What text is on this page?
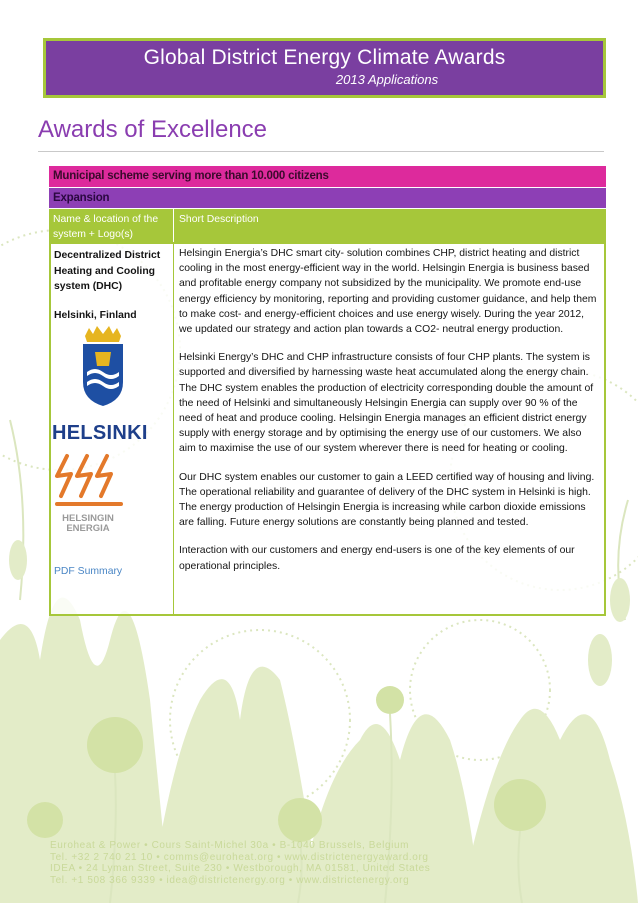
Global District Energy Climate Awards
2013 Applications
Awards of Excellence
Municipal scheme serving more than 10.000 citizens
Expansion
Name & location of the system + Logo(s)
Short Description
Decentralized District Heating and Cooling system (DHC)
Helsinki, Finland
HELSINKI
HELSINGIN
ENERGIA
PDF Summary

Helsingin Energia’s DHC smart city- solution combines CHP, district heating and district cooling in the most energy-efficient way in the world. Helsingin Energia is business based and profitable energy company not subsidized by the municipality. We promote end-use energy efficiency by monitoring, reporting and providing customer guidance, and help them to make cost- and energy-efficient choices and use energy wisely. During the year 2012, we updated our strategy and action plan towards a CO2- neutral energy production.

Helsinki Energy’s DHC and CHP infrastructure consists of four CHP plants. The system is supported and diversified by harnessing waste heat accumulated along the energy chain. The DHC system enables the production of electricity corresponding double the amount of the need of Helsinki and simultaneously Helsingin Energia can supply over 90 % of the need of heat and produce cooling. Helsingin Energia manages an efficient district energy supply with energy storage and by optimising the energy use of our customers. We also aim to maximise the use of our system wherever there is need for heating or cooling.

Our DHC system enables our customer to gain a LEED certified way of housing and living. The operational reliability and guarantee of delivery of the DHC system in Helsinki is high. The energy production of Helsingin Energia is increasing while carbon dioxide emissions are falling. Future energy solutions are constantly being planned and tested.

Interaction with our customers and energy end-users is one of the key elements of our operational principles.

Euroheat & Power • Cours Saint-Michel 30a • B-1040 Brussels, Belgium
Tel. +32 2 740 21 10 • comms@euroheat.org • www.districtenergyaward.org
IDEA • 24 Lyman Street, Suite 230 • Westborough, MA 01581, United States
Tel. +1 508 366 9339 • idea@districtenergy.org • www.districtenergy.org
